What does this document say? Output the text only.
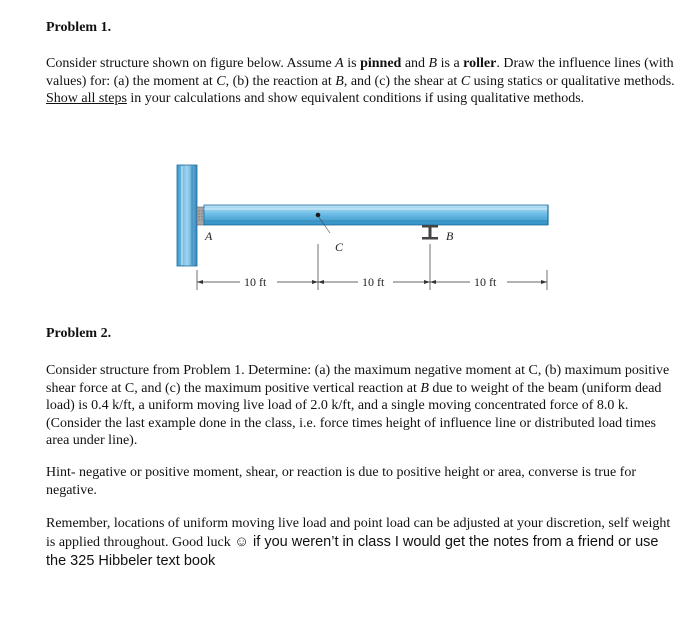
Problem 1.

Consider structure shown on figure below. Assume A is pinned and B is a roller. Draw the influence lines (with values) for: (a) the moment at C, (b) the reaction at B, and (c) the shear at C using statics or qualitative methods. Show all steps in your calculations and show equivalent conditions if using qualitative methods.

A
C
B
10 ft	10 ft	10 ft
Problem 2.

Consider structure from Problem 1. Determine: (a) the maximum negative moment at C, (b) maximum positive shear force at C, and (c) the maximum positive vertical reaction at B due to weight of the beam (uniform dead load) is 0.4 k/ft, a uniform moving live load of 2.0 k/ft, and a single moving concentrated force of 8.0 k. (Consider the last example done in the class, i.e. force times height of influence line or distributed load times area under line).

Hint- negative or positive moment, shear, or reaction is due to positive height or area, converse is true for negative.

Remember, locations of uniform moving live load and point load can be adjusted at your discretion, self weight is applied throughout. Good luck ☺ if you weren’t in class I would get the notes from a friend or use the 325 Hibbeler text book
